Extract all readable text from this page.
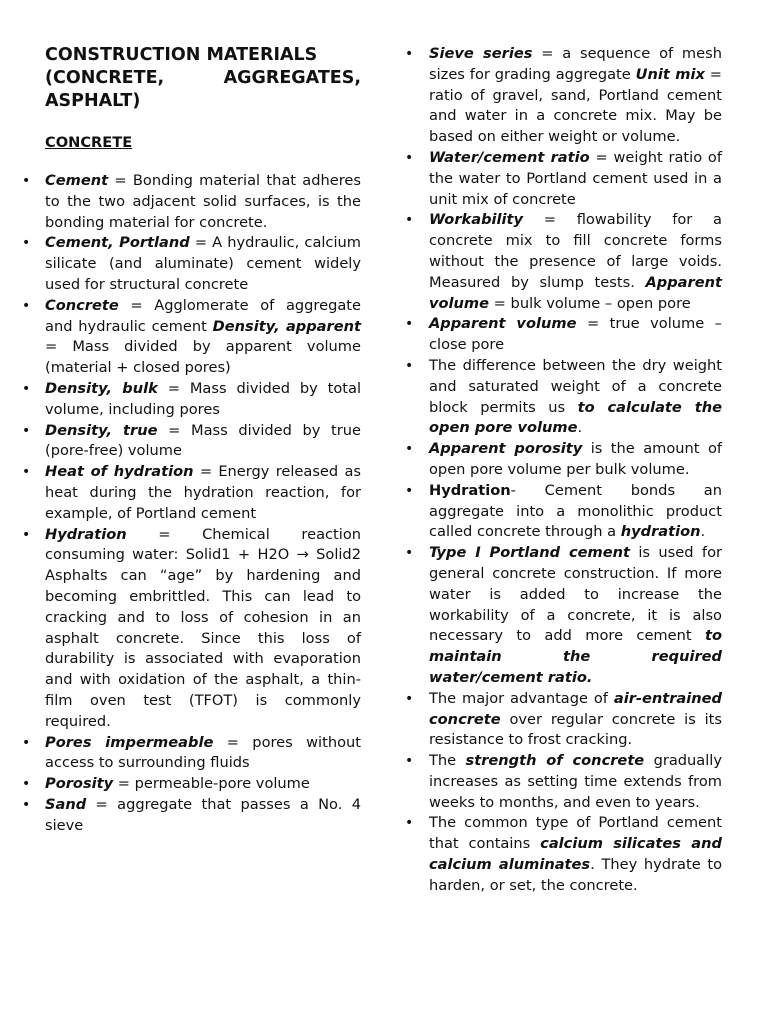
CONSTRUCTION MATERIALS
(CONCRETE, AGGREGATES,
ASPHALT)
CONCRETE
• Cement = Bonding material that adheres to the two adjacent solid surfaces, is the bonding material for concrete.
• Cement, Portland = A hydraulic, calcium silicate (and aluminate) cement widely used for structural concrete
• Concrete = Agglomerate of aggregate and hydraulic cement Density, apparent = Mass divided by apparent volume (material + closed pores)
• Density, bulk = Mass divided by total volume, including pores
• Density, true = Mass divided by true (pore-free) volume
• Heat of hydration = Energy released as heat during the hydration reaction, for example, of Portland cement
• Hydration = Chemical reaction consuming water: Solid1 + H2O → Solid2 Asphalts can “age” by hardening and becoming embrittled. This can lead to cracking and to loss of cohesion in an asphalt concrete. Since this loss of durability is associated with evaporation and with oxidation of the asphalt, a thin-film oven test (TFOT) is commonly required.
• Pores impermeable = pores without access to surrounding fluids
• Porosity = permeable-pore volume
• Sand = aggregate that passes a No. 4 sieve
• Sieve series = a sequence of mesh sizes for grading aggregate Unit mix = ratio of gravel, sand, Portland cement and water in a concrete mix. May be based on either weight or volume.
• Water/cement ratio = weight ratio of the water to Portland cement used in a unit mix of concrete
• Workability = flowability for a concrete mix to fill concrete forms without the presence of large voids. Measured by slump tests. Apparent volume = bulk volume – open pore
• Apparent volume = true volume – close pore
• The difference between the dry weight and saturated weight of a concrete block permits us to calculate the open pore volume.
• Apparent porosity is the amount of open pore volume per bulk volume.
• Hydration- Cement bonds an aggregate into a monolithic product called concrete through a hydration.
• Type I Portland cement is used for general concrete construction. If more water is added to increase the workability of a concrete, it is also necessary to add more cement to maintain the required water/cement ratio.
• The major advantage of air-entrained concrete over regular concrete is its resistance to frost cracking.
• The strength of concrete gradually increases as setting time extends from weeks to months, and even to years.
• The common type of Portland cement that contains calcium silicates and calcium aluminates. They hydrate to harden, or set, the concrete.
